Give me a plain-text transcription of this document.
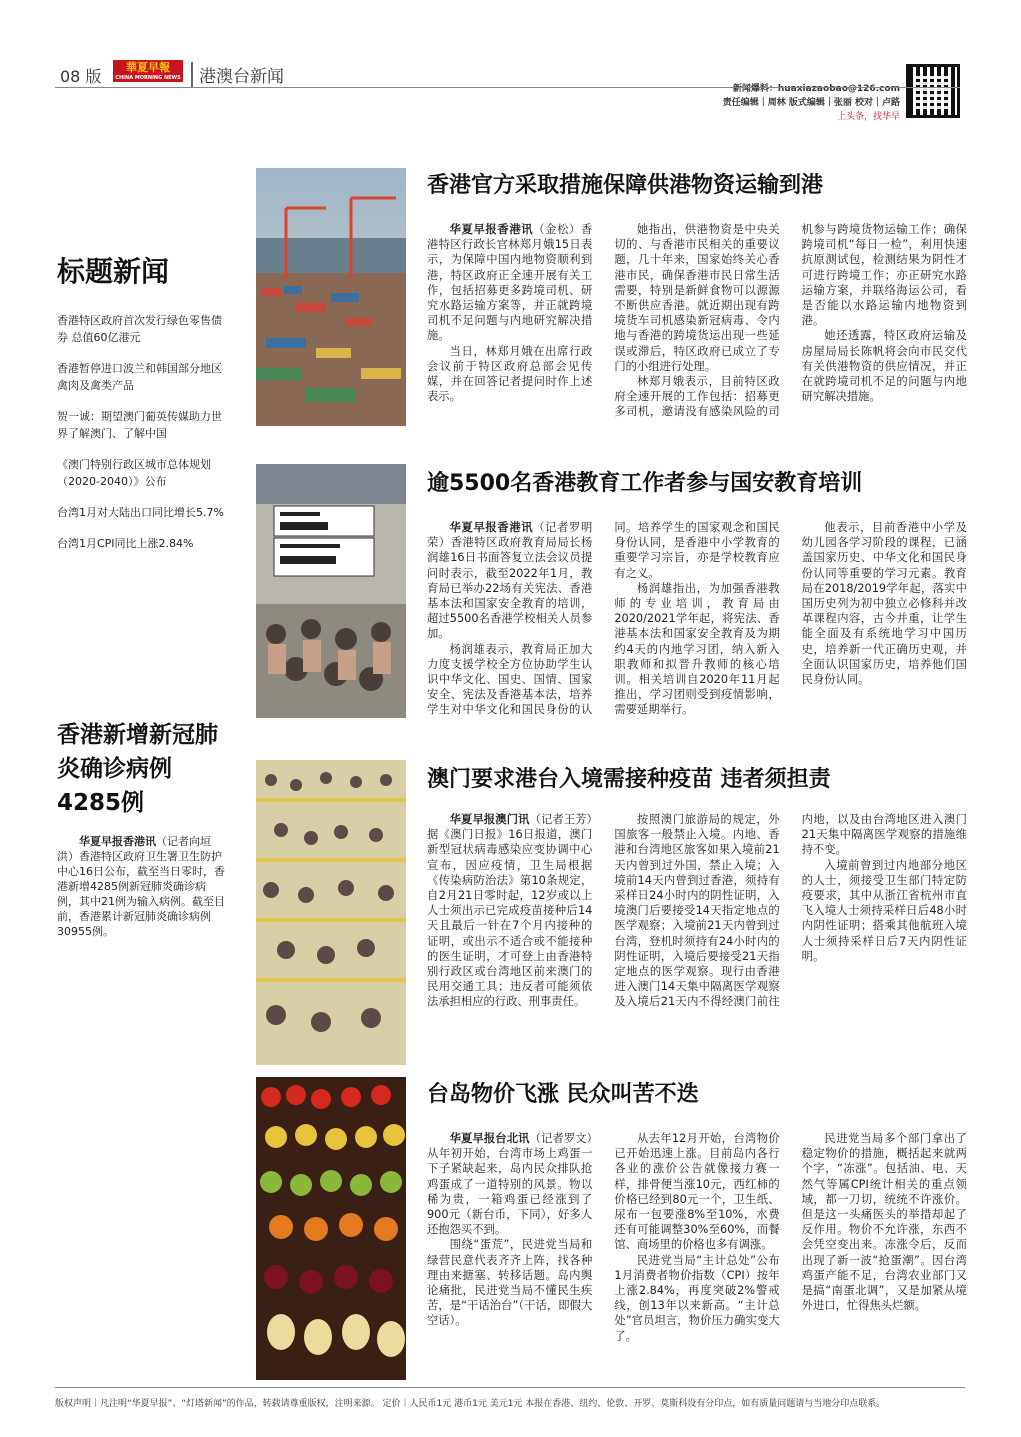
08 版	華夏早報
CHINA MORNING NEWS	港澳台新闻
新闻爆料：huaxiazaobao@126.com
责任编辑｜周林 版式编辑｜张丽 校对｜卢路
上头条，找华早
标题新闻

香港特区政府首次发行绿色零售债券 总值60亿港元

香港暂停进口波兰和韩国部分地区禽肉及禽类产品

贺一诚：期望澳门葡英传媒助力世界了解澳门、了解中国

《澳门特别行政区城市总体规划（2020-2040）》公布

台湾1月对大陆出口同比增长5.7%

台湾1月CPI同比上涨2.84%

香港新增新冠肺炎确诊病例4285例

华夏早报香港讯（记者向垣洪）香港特区政府卫生署卫生防护中心16日公布，截至当日零时，香港新增4285例新冠肺炎确诊病例，其中21例为输入病例。截至目前，香港累计新冠肺炎确诊病例30955例。

香港官方采取措施保障供港物资运输到港

华夏早报香港讯（金松）香港特区行政长官林郑月娥15日表示，为保障中国内地物资顺利到港，特区政府正全速开展有关工作，包括招募更多跨境司机、研究水路运输方案等，并正就跨境司机不足问题与内地研究解决措施。

当日，林郑月娥在出席行政会议前于特区政府总部会见传媒，并在回答记者提问时作上述表示。

她指出，供港物资是中央关切的、与香港市民相关的重要议题，几十年来，国家始终关心香港市民，确保香港市民日常生活需要，特别是新鲜食物可以源源不断供应香港。就近期出现有跨境货车司机感染新冠病毒、令内地与香港的跨境货运出现一些延误或滞后，特区政府已成立了专门的小组进行处理。

林郑月娥表示，目前特区政府全速开展的工作包括：招募更多司机，邀请没有感染风险的司机参与跨境货物运输工作；确保跨境司机“每日一检”，利用快速抗原测试包，检测结果为阴性才可进行跨境工作；亦正研究水路运输方案，并联络海运公司，看是否能以水路运输内地物资到港。

她还透露，特区政府运输及房屋局局长陈帆将会向市民交代有关供港物资的供应情况，并正在就跨境司机不足的问题与内地研究解决措施。

逾5500名香港教育工作者参与国安教育培训

华夏早报香港讯（记者罗明荣）香港特区政府教育局局长杨润雄16日书面答复立法会议员提问时表示，截至2022年1月，教育局已举办22场有关宪法、香港基本法和国家安全教育的培训，超过5500名香港学校相关人员参加。

杨润雄表示，教育局正加大力度支援学校全方位协助学生认识中华文化、国史、国情、国家安全、宪法及香港基本法，培养学生对中华文化和国民身份的认同。培养学生的国家观念和国民身份认同，是香港中小学教育的重要学习宗旨，亦是学校教育应有之义。

杨润雄指出，为加强香港教师的专业培训，教育局由2020/2021学年起，将宪法、香港基本法和国家安全教育及为期约4天的内地学习团，纳入新入职教师和拟晋升教师的核心培训。相关培训自2020年11月起推出，学习团则受到疫情影响，需要延期举行。

他表示，目前香港中小学及幼儿园各学习阶段的课程，已涵盖国家历史、中华文化和国民身份认同等重要的学习元素。教育局在2018/2019学年起，落实中国历史列为初中独立必修科并改革课程内容，古今并重，让学生能全面及有系统地学习中国历史，培养新一代正确历史观，并全面认识国家历史，培养他们国民身份认同。

澳门要求港台入境需接种疫苗 违者须担责

华夏早报澳门讯（记者王芳）据《澳门日报》16日报道，澳门新型冠状病毒感染应变协调中心宣布，因应疫情，卫生局根据《传染病防治法》第10条规定，自2月21日零时起，12岁或以上人士须出示已完成疫苗接种后14天且最后一针在7个月内接种的证明，或出示不适合或不能接种的医生证明，才可登上由香港特别行政区或台湾地区前来澳门的民用交通工具；违反者可能须依法承担相应的行政、刑事责任。

按照澳门旅游局的规定，外国旅客一般禁止入境。内地、香港和台湾地区旅客如果入境前21天内曾到过外国，禁止入境；入境前14天内曾到过香港，须持有采样日24小时内的阴性证明，入境澳门后要接受14天指定地点的医学观察；入境前21天内曾到过台湾，登机时须持有24小时内的阴性证明，入境后要接受21天指定地点的医学观察。现行由香港进入澳门14天集中隔离医学观察及入境后21天内不得经澳门前往内地，以及由台湾地区进入澳门21天集中隔离医学观察的措施维持不变。

入境前曾到过内地部分地区的人士，须接受卫生部门特定防疫要求，其中从浙江省杭州市直飞入境人士须持采样日后48小时内阴性证明；搭乘其他航班入境人士须持采样日后7天内阴性证明。

台岛物价飞涨 民众叫苦不迭

华夏早报台北讯（记者罗文）从年初开始，台湾市场上鸡蛋一下子紧缺起来，岛内民众排队抢鸡蛋成了一道特别的风景。物以稀为贵，一箱鸡蛋已经涨到了900元（新台币，下同），好多人还抱怨买不到。

围绕“蛋荒”，民进党当局和绿营民意代表齐齐上阵，找各种理由来搪塞、转移话题。岛内舆论痛批，民进党当局不懂民生疾苦，是“干话治台”（干话，即假大空话）。

从去年12月开始，台湾物价已开始迅速上涨。目前岛内各行各业的涨价公告就像接力赛一样，排骨便当涨10元，西红柿的价格已经到80元一个，卫生纸、尿布一包要涨8%至10%，水费还有可能调整30%至60%，而餐馆、商场里的价格也多有调涨。

民进党当局“主计总处”公布1月消费者物价指数（CPI）按年上涨2.84%，再度突破2%警戒线，创13年以来新高。“主计总处”官员坦言，物价压力确实变大了。

民进党当局多个部门拿出了稳定物价的措施，概括起来就两个字，“冻涨”。包括油、电、天然气等属CPI统计相关的重点领域，都一刀切，统统不许涨价。但是这一头痛医头的举措却起了反作用。物价不允许涨，东西不会凭空变出来。冻涨令后，反而出现了新一波“抢蛋潮”。因台湾鸡蛋产能不足，台湾农业部门又是搞“南蛋北调”，又是加紧从境外进口，忙得焦头烂额。

版权声明｜凡注明“华夏早报”、“灯塔新闻”的作品，转载请尊重版权，注明来源。 定价｜人民币1元 港币1元 美元1元 本报在香港、纽约、伦敦、开罗、莫斯科设有分印点，如有质量问题请与当地分印点联系。
